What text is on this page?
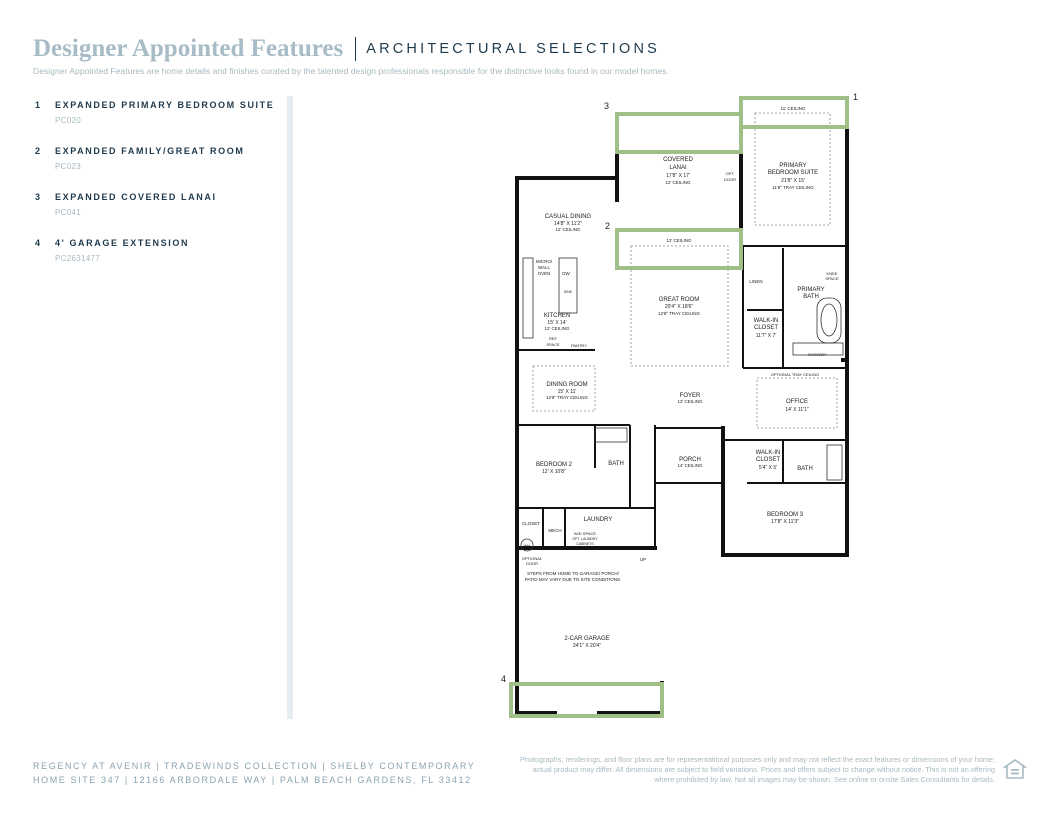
Designer Appointed Features ARCHITECTURAL SELECTIONS
Designer Appointed Features are home details and finishes curated by the talented design professionals responsible for the distinctive looks found in our model homes.
1	EXPANDED PRIMARY BEDROOM SUITE
PC020
2	EXPANDED FAMILY/GREAT ROOM
PC023
3	EXPANDED COVERED LANAI
PC041
4	4' GARAGE EXTENSION
PC2631477
1
2
3
4
COVERED
LANAI
17'8" X 17'
12' CEILING
OPT.
DOOR
11' CEILING
PRIMARY
BEDROOM SUITE
21'8" X 15'
11'8" TRAY CEILING
12' CEILING
CASUAL DINING
14'8" X 11'2"
12' CEILING
MICRO/
WALL
OVEN	DW
SINK
KITCHEN
15' X 14'
12' CEILING
REF
SPACE	PANTRY
GREAT ROOM
20'4" X 18'6"
12'8" TRAY CEILING
LINEN
KNEE
SPACE
PRIMARY
BATH
WALK-IN
CLOSET
11'7" X 7'
SHOWER
OPTIONAL TRAY CEILING
OFFICE
14' X 11'1"
DINING ROOM
15' X 11'
12'8" TRAY CEILING	FOYER
12' CEILING
BEDROOM 2
12' X 10'8"
BATH
PORCH
14' CEILING
WALK-IN
CLOSET
5'4" X 5'	BATH
BEDROOM 3
17'8" X 11'3"
CLOSET
MECH
LAUNDRY
W/D SPACE
OPT. LAUNDRY
CABINETS
WH
OPTIONAL
DOOR
UP
STEPS FROM HOME TO GARAGE/ PORCH/
PATIO MAY VARY DUE TO SITE CONDITIONS.
2-CAR GARAGE
24'1" X 20'4"
REGENCY AT AVENIR | TRADEWINDS COLLECTION | SHELBY CONTEMPORARY
HOME SITE 347 | 12166 ARBORDALE WAY | PALM BEACH GARDENS, FL 33412
Photographs, renderings, and floor plans are for representational purposes only and may not reflect the exact features or dimensions of your home; actual product may differ. All dimensions are subject to field variations. Prices and offers subject to change without notice. This is not an offering where prohibited by law. Not all images may be shown. See online or onsite Sales Consultants for details.
